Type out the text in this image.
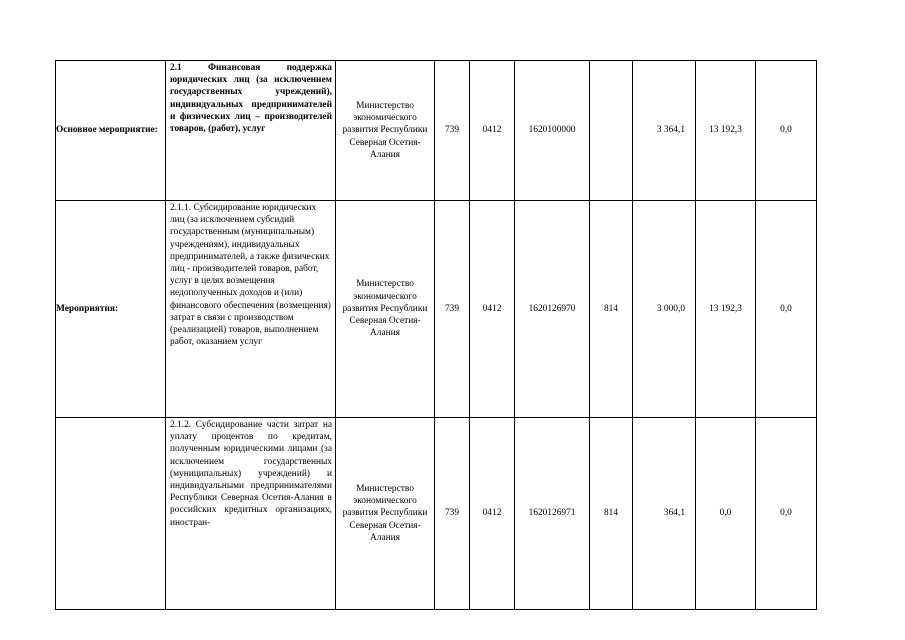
Основное мероприятие:	2.1 Финансовая поддержка юридических лиц (за исключением государственных учреждений), индивидуальных предпринимателей и физических лиц – производителей товаров, (работ), услуг	Министерство экономического развития Республики Северная Осетия-Алания	739	0412	1620100000		3 364,1	13 192,3	0,0
Мероприятия:	2.1.1. Субсидирование юридических лиц (за исключением субсидий государственным (муниципальным) учреждениям), индивидуальных предпринимателей, а также физических лиц - производителей товаров, работ, услуг в целях возмещения недополученных доходов и (или) финансового обеспечения (возмещения) затрат в связи с производством (реализацией) товаров, выполнением работ, оказанием услуг	Министерство экономического развития Республики Северная Осетия-Алания	739	0412	1620126970	814	3 000,0	13 192,3	0,0

	2.1.2. Субсидирование части затрат на уплату процентов по кредитам, полученным юридическими лицами (за исключением государственных (муниципальных) учреждений) и индивидуальными предпринимателями Республики Северная Осетия-Алания в российских кредитных организациях, иностран-	Министерство экономического развития Республики Северная Осетия-Алания	739	0412	1620126971	814	364,1	0,0	0,0
